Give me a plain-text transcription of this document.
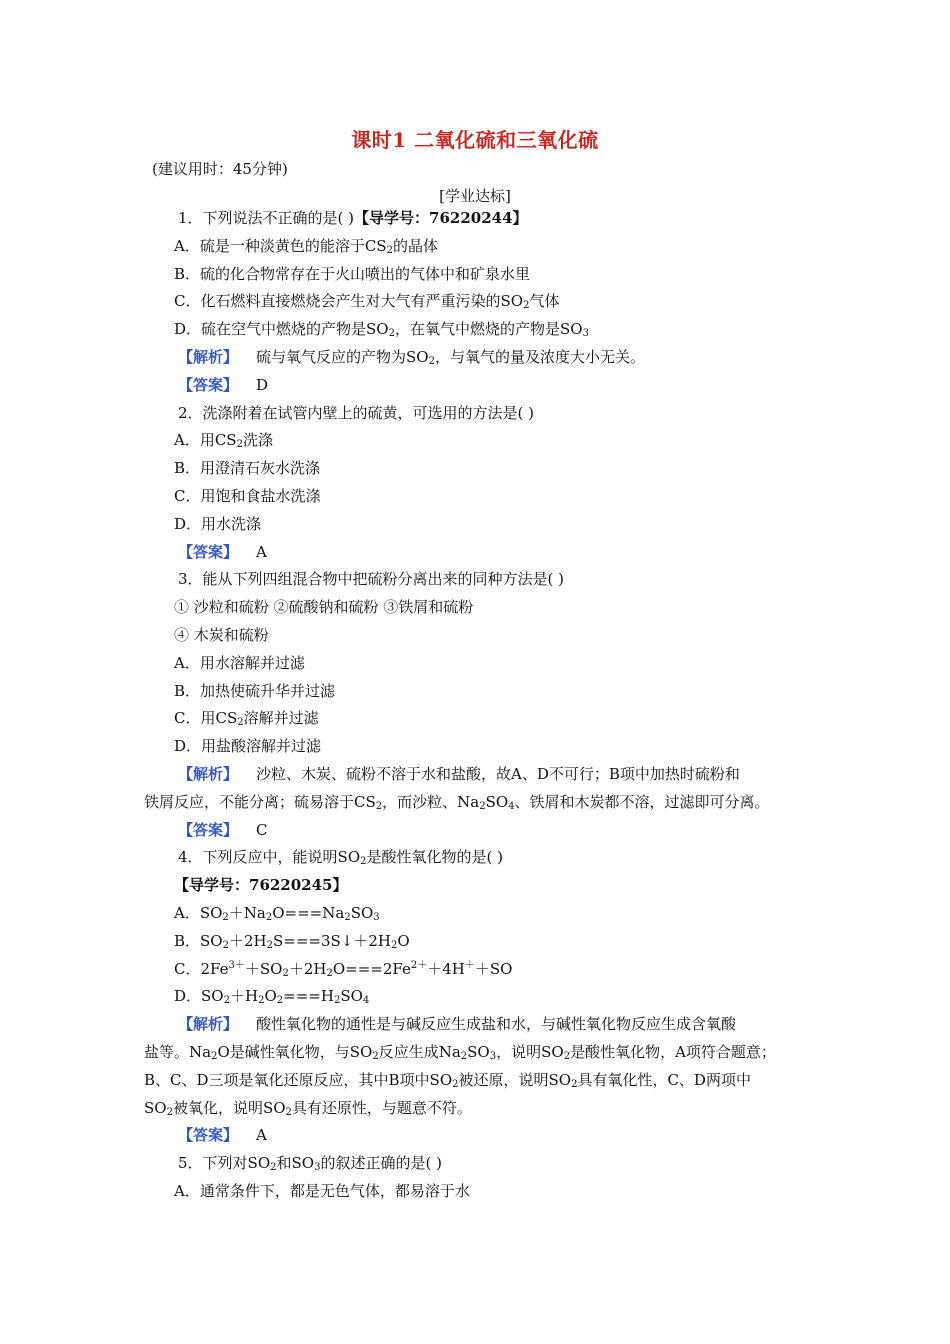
课时1 二氧化硫和三氧化硫
(建议用时：45分钟)
[学业达标]
1．下列说法不正确的是( )【导学号：76220244】
A．硫是一种淡黄色的能溶于$CS_2$的晶体
B．硫的化合物常存在于火山喷出的气体中和矿泉水里
C．化石燃料直接燃烧会产生对大气有严重污染的$SO_2$气体
D．硫在空气中燃烧的产物是$SO_2$，在氧气中燃烧的产物是$SO_3$
【解析】 硫与氧气反应的产物为$SO_2$，与氧气的量及浓度大小无关。
【答案】 D
2．洗涤附着在试管内壁上的硫黄，可选用的方法是( )
A．用$CS_2$洗涤
B．用澄清石灰水洗涤
C．用饱和食盐水洗涤
D．用水洗涤
【答案】 A
3．能从下列四组混合物中把硫粉分离出来的同种方法是( )
① 沙粒和硫粉 ②硫酸钠和硫粉 ③铁屑和硫粉
④ 木炭和硫粉
A．用水溶解并过滤
B．加热使硫升华并过滤
C．用$CS_2$溶解并过滤
D．用盐酸溶解并过滤
【解析】 沙粒、木炭、硫粉不溶于水和盐酸，故A、D不可行；B项中加热时硫粉和
铁屑反应，不能分离；硫易溶于$CS_2$，而沙粒、$Na_2SO_4$、铁屑和木炭都不溶，过滤即可分离。
【答案】 C
4．下列反应中，能说明$SO_2$是酸性氧化物的是( )
【导学号：76220245】
A．$SO_2+Na_2O===Na_2SO_3$
B．$SO_2+2H_2S===3S↓+2H_2O$
C．$2Fe^{3+}+SO_2+2H_2O===2Fe^{2+}+4H^++SO$
D．$SO_2+H_2O_2===H_2SO_4$
【解析】 酸性氧化物的通性是与碱反应生成盐和水，与碱性氧化物反应生成含氧酸
盐等。$Na_2O$是碱性氧化物，与$SO_2$反应生成$Na_2SO_3$，说明$SO_2$是酸性氧化物，A项符合题意；
B、C、D三项是氧化还原反应，其中B项中$SO_2$被还原，说明$SO_2$具有氧化性，C、D两项中
$SO_2$被氧化，说明$SO_2$具有还原性，与题意不符。
【答案】 A
5．下列对$SO_2$和$SO_3$的叙述正确的是( )
A．通常条件下，都是无色气体，都易溶于水
